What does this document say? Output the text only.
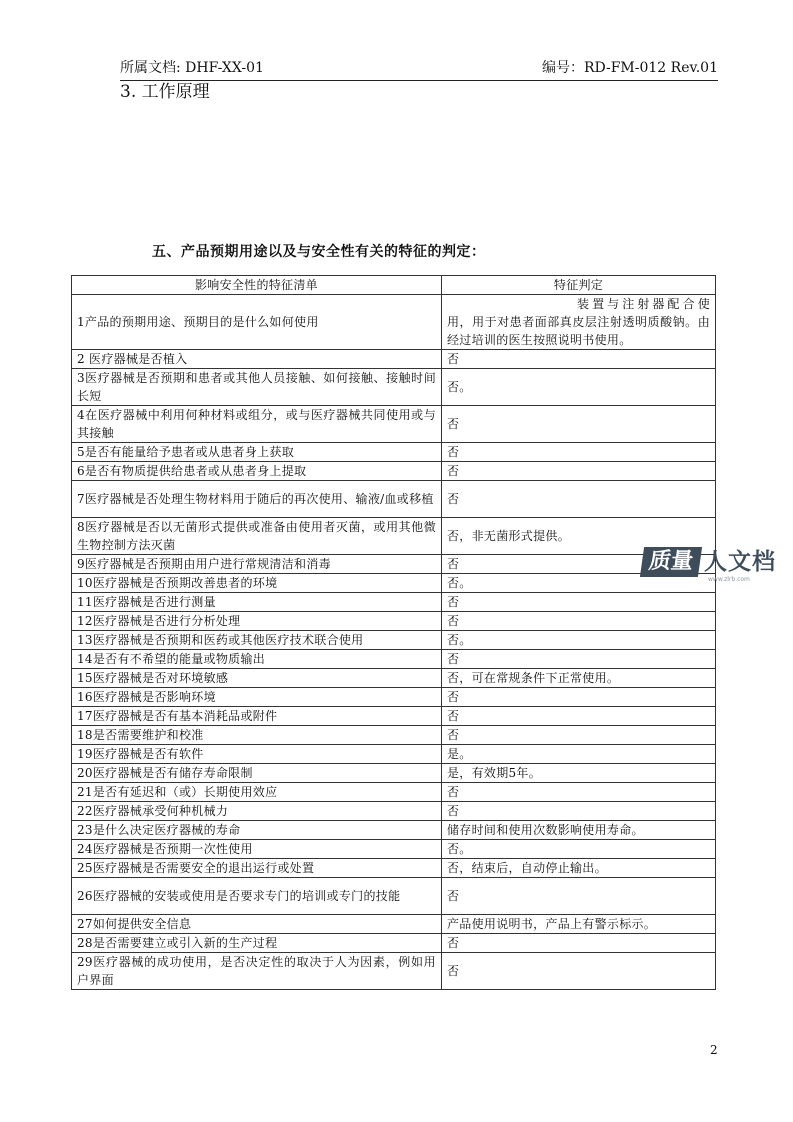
所属文档: DHF-XX-01	编号：RD-FM-012 Rev.01
3. 工作原理
五、产品预期用途以及与安全性有关的特征的判定：
影响安全性的特征清单	特征判定
1产品的预期用途、预期目的是什么如何使用	装置与注射器配合使用，用于对患者面部真皮层注射透明质酸钠。由经过培训的医生按照说明书使用。
2 医疗器械是否植入	否
3医疗器械是否预期和患者或其他人员接触、如何接触、接触时间长短	否。
4在医疗器械中利用何种材料或组分，或与医疗器械共同使用或与其接触	否
5是否有能量给予患者或从患者身上获取	否
6是否有物质提供给患者或从患者身上提取	否
7医疗器械是否处理生物材料用于随后的再次使用、输液/血或移植	否
8医疗器械是否以无菌形式提供或准备由使用者灭菌，或用其他微生物控制方法灭菌	否，非无菌形式提供。
9医疗器械是否预期由用户进行常规清洁和消毒	否
10医疗器械是否预期改善患者的环境	否。
11医疗器械是否进行测量	否
12医疗器械是否进行分析处理	否
13医疗器械是否预期和医药或其他医疗技术联合使用	否。
14是否有不希望的能量或物质输出	否
15医疗器械是否对环境敏感	否，可在常规条件下正常使用。
16医疗器械是否影响环境	否
17医疗器械是否有基本消耗品或附件	否
18是否需要维护和校准	否
19医疗器械是否有软件	是。
20医疗器械是否有储存寿命限制	是，有效期5年。
21是否有延迟和（或）长期使用效应	否
22医疗器械承受何种机械力	否
23是什么决定医疗器械的寿命	储存时间和使用次数影响使用寿命。
24医疗器械是否预期一次性使用	否。
25医疗器械是否需要安全的退出运行或处置	否，结束后，自动停止输出。
26医疗器械的安装或使用是否要求专门的培训或专门的技能	否
27如何提供安全信息	产品使用说明书，产品上有警示标示。
28是否需要建立或引入新的生产过程	否
29医疗器械的成功使用，是否决定性的取决于人为因素，例如用户界面	否
质量 人文档
www.zlrb.com
2
